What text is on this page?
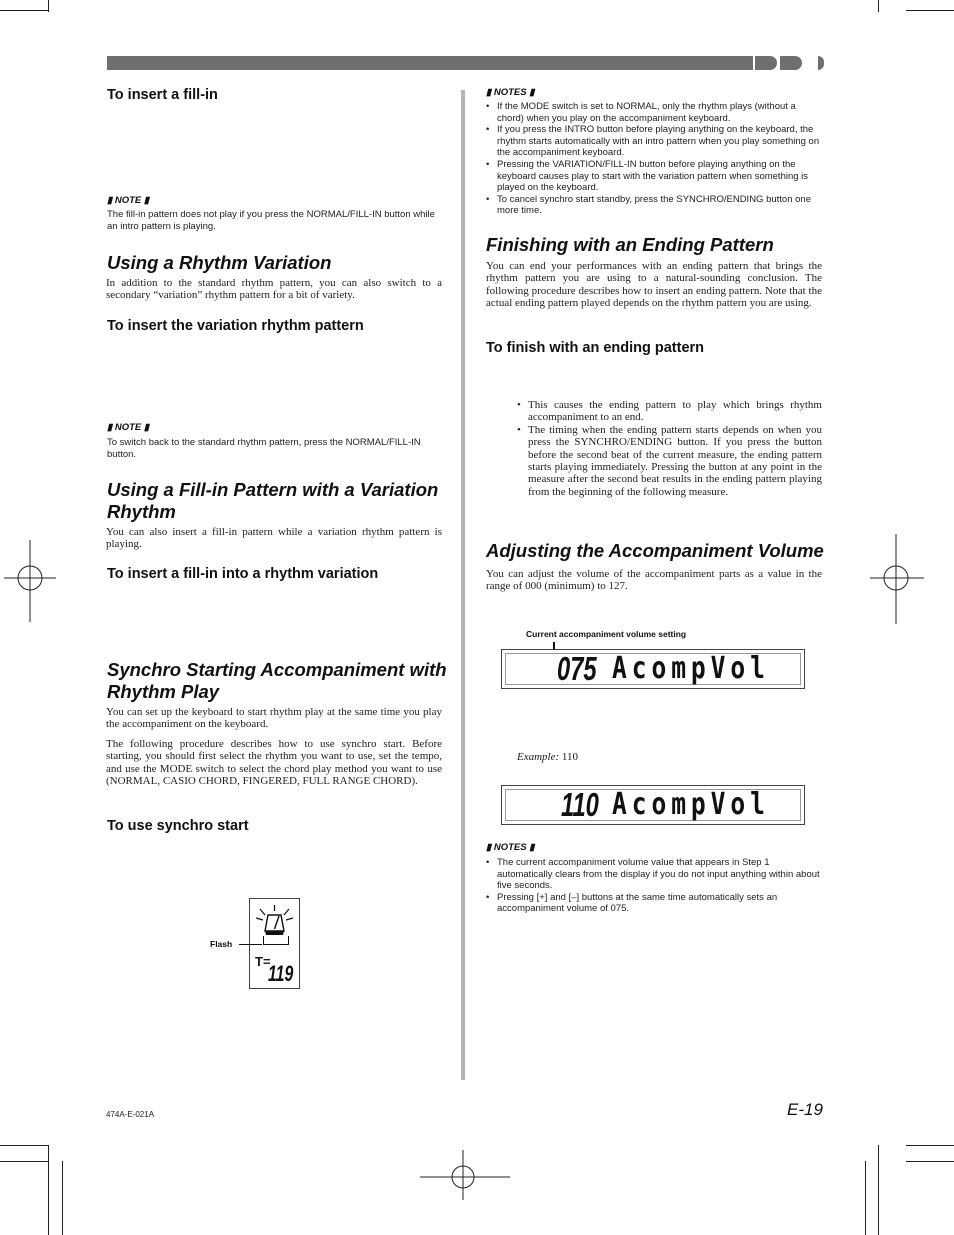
To insert a fill-in
▮ NOTE ▮
The fill-in pattern does not play if you press the NORMAL/FILL-IN button while an intro pattern is playing.
Using a Rhythm Variation
In addition to the standard rhythm pattern, you can also switch to a secondary “variation” rhythm pattern for a bit of variety.
To insert the variation rhythm pattern
▮ NOTE ▮
To switch back to the standard rhythm pattern, press the NORMAL/FILL-IN button.
Using a Fill-in Pattern with a Variation Rhythm
You can also insert a fill-in pattern while a variation rhythm pattern is playing.
To insert a fill-in into a rhythm variation
Synchro Starting Accompaniment with Rhythm Play
You can set up the keyboard to start rhythm play at the same time you play the accompaniment on the keyboard.
The following procedure describes how to use synchro start. Before starting, you should first select the rhythm you want to use, set the tempo, and use the MODE switch to select the chord play method you want to use (NORMAL, CASIO CHORD, FINGERED, FULL RANGE CHORD).
To use synchro start
T=
119
Flash
▮ NOTES ▮
• If the MODE switch is set to NORMAL, only the rhythm plays (without a chord) when you play on the accompaniment keyboard.
• If you press the INTRO button before playing anything on the keyboard, the rhythm starts automatically with an intro pattern when you play something on the accompaniment keyboard.
• Pressing the VARIATION/FILL-IN button before playing anything on the keyboard causes play to start with the variation pattern when something is played on the keyboard.
• To cancel synchro start standby, press the SYNCHRO/ENDING button one more time.
Finishing with an Ending Pattern
You can end your performances with an ending pattern that brings the rhythm pattern you are using to a natural-sounding conclusion. The following procedure describes how to insert an ending pattern. Note that the actual ending pattern played depends on the rhythm pattern you are using.
To finish with an ending pattern
• This causes the ending pattern to play which brings rhythm accompaniment to an end.
• The timing when the ending pattern starts depends on when you press the SYNCHRO/ENDING button. If you press the button before the second beat of the current measure, the ending pattern starts playing immediately. Pressing the button at any point in the measure after the second beat results in the ending pattern playing from the beginning of the following measure.
Adjusting the Accompaniment Volume
You can adjust the volume of the accompaniment parts as a value in the range of 000 (minimum) to 127.
Current accompaniment volume setting
075 AcompVol
Example: 110
110 AcompVol
▮ NOTES ▮
• The current accompaniment volume value that appears in Step 1 automatically clears from the display if you do not input anything within about five seconds.
• Pressing [+] and [–] buttons at the same time automatically sets an accompaniment volume of 075.
E-19
474A-E-021A
